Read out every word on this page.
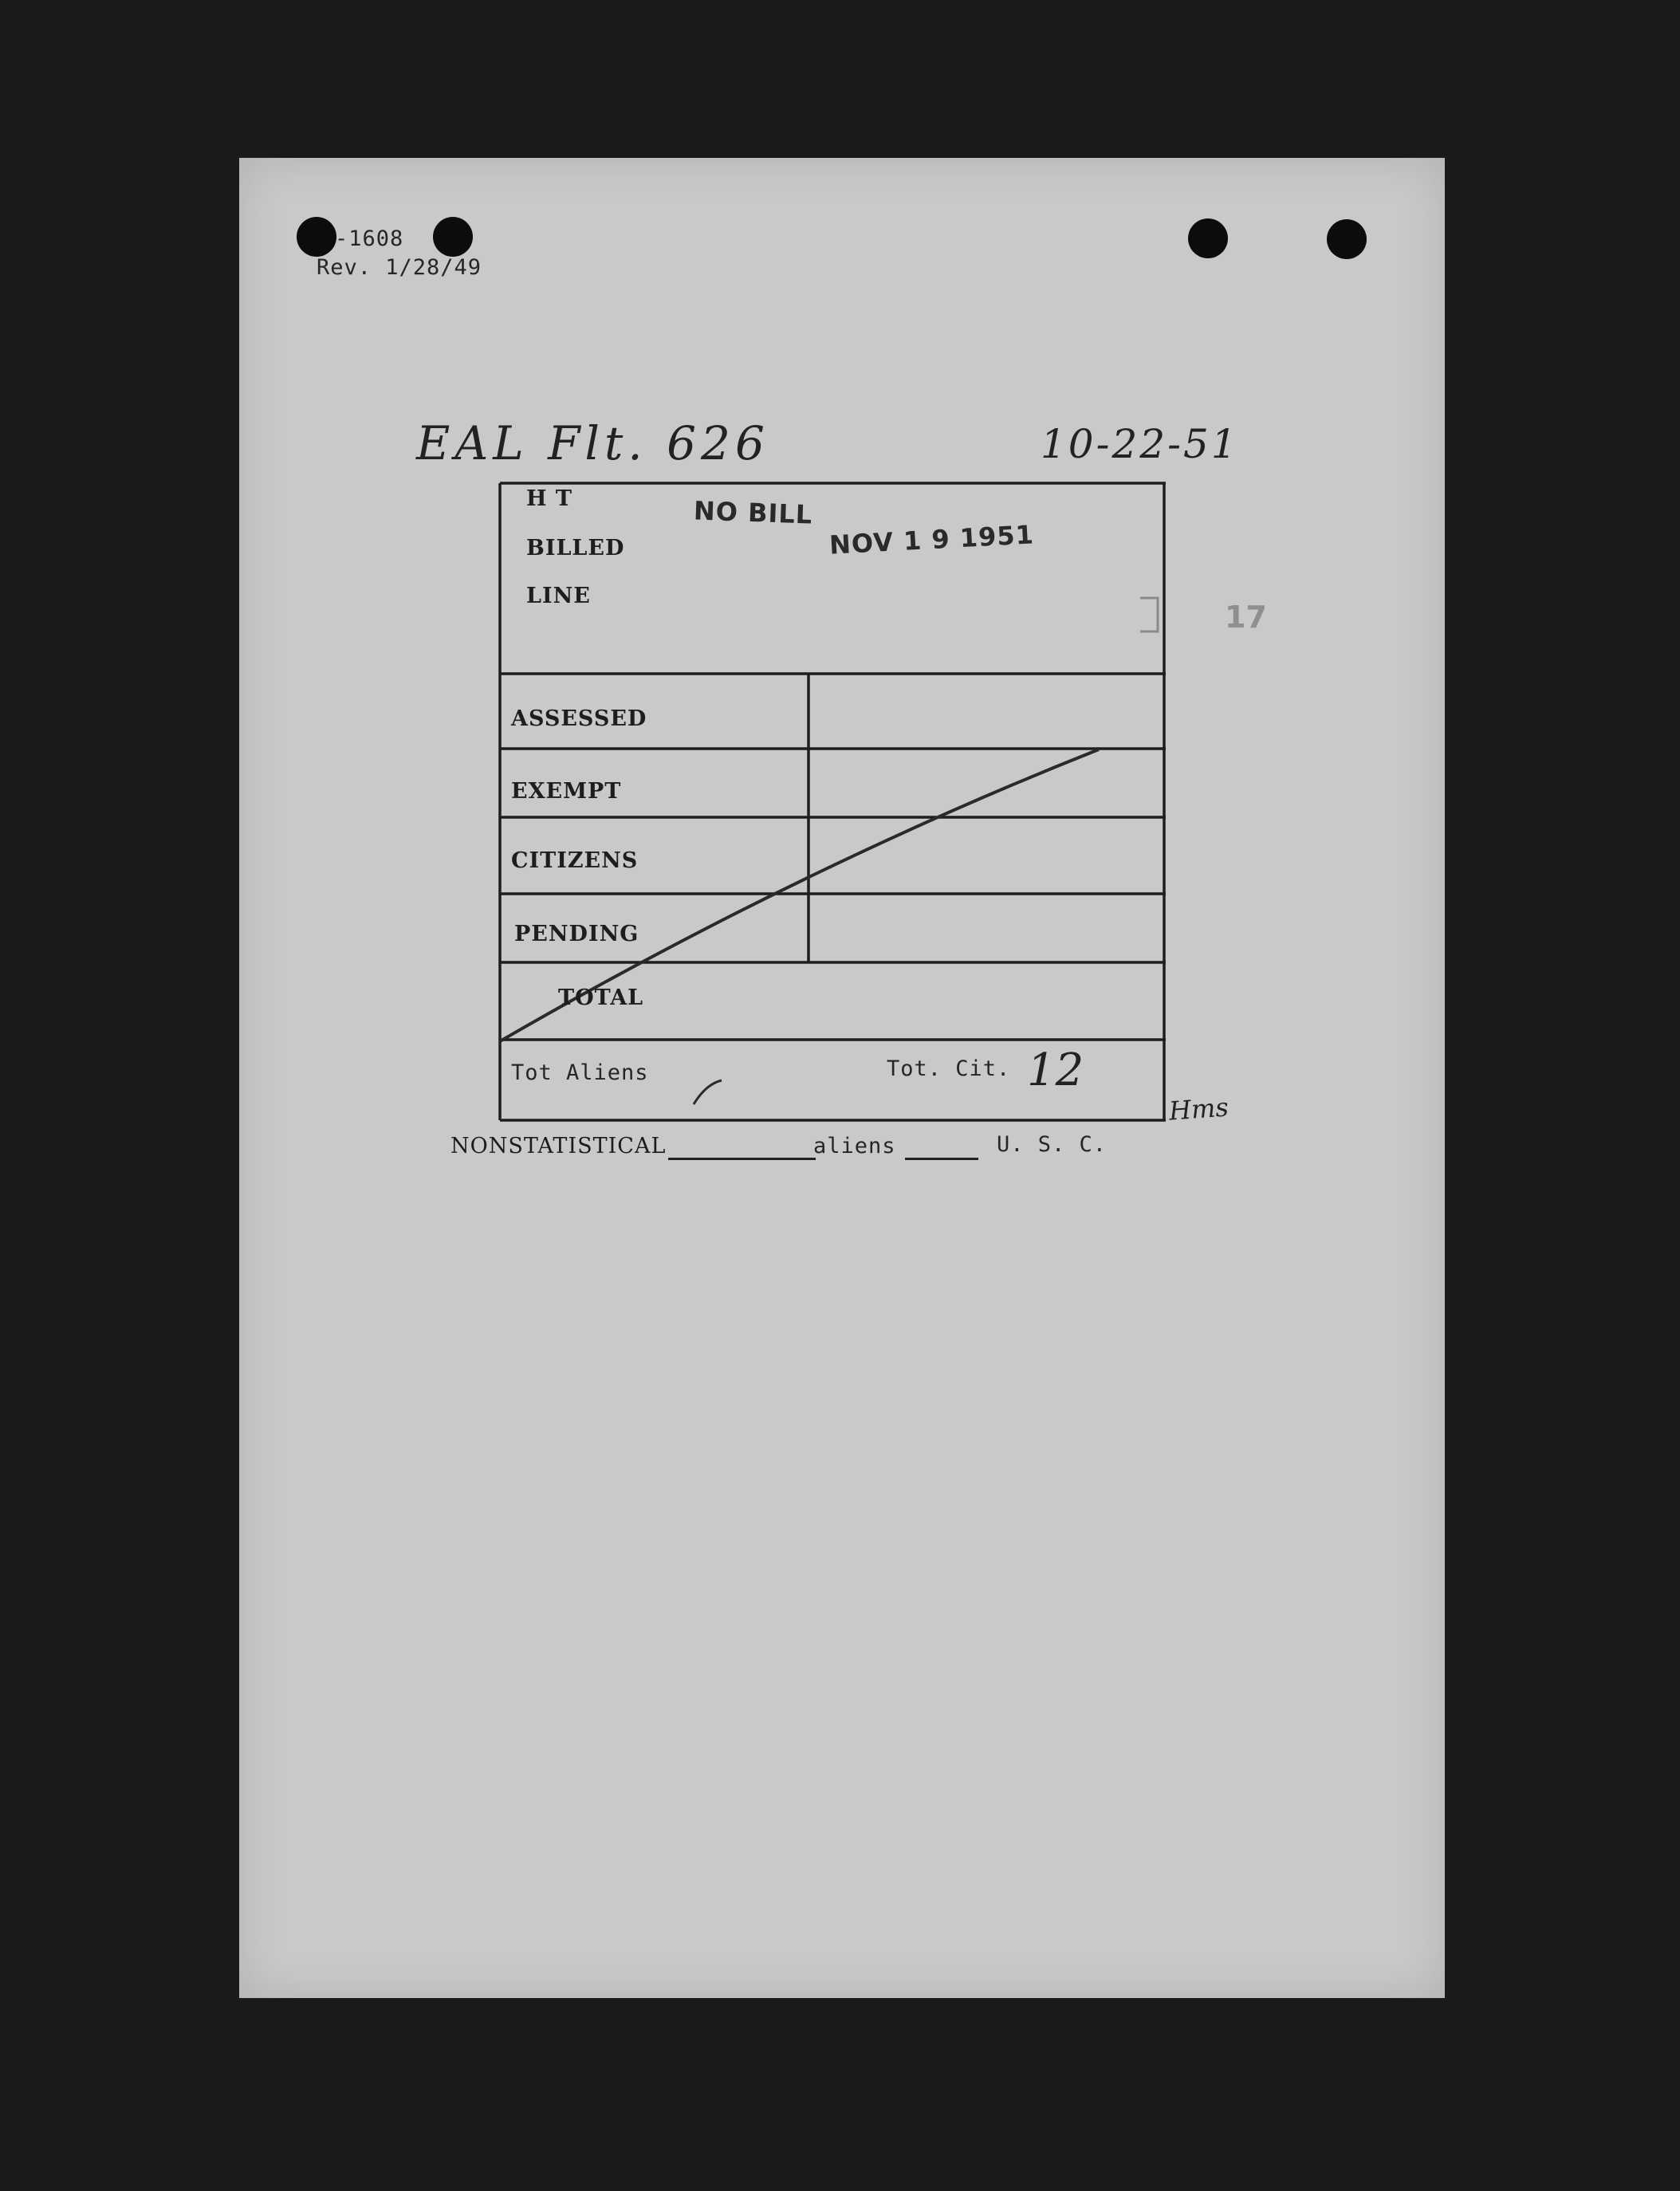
-1608
Rev. 1/28/49
EAL Flt. 626	10-22-51
H T
BILLED
LINE
NO BILL
NOV 1 9 1951
17
ASSESSED
EXEMPT
CITIZENS
PENDING
TOTAL
Tot Aliens	Tot. Cit. 12
Hms
NONSTATISTICAL	aliens	U. S. C.
